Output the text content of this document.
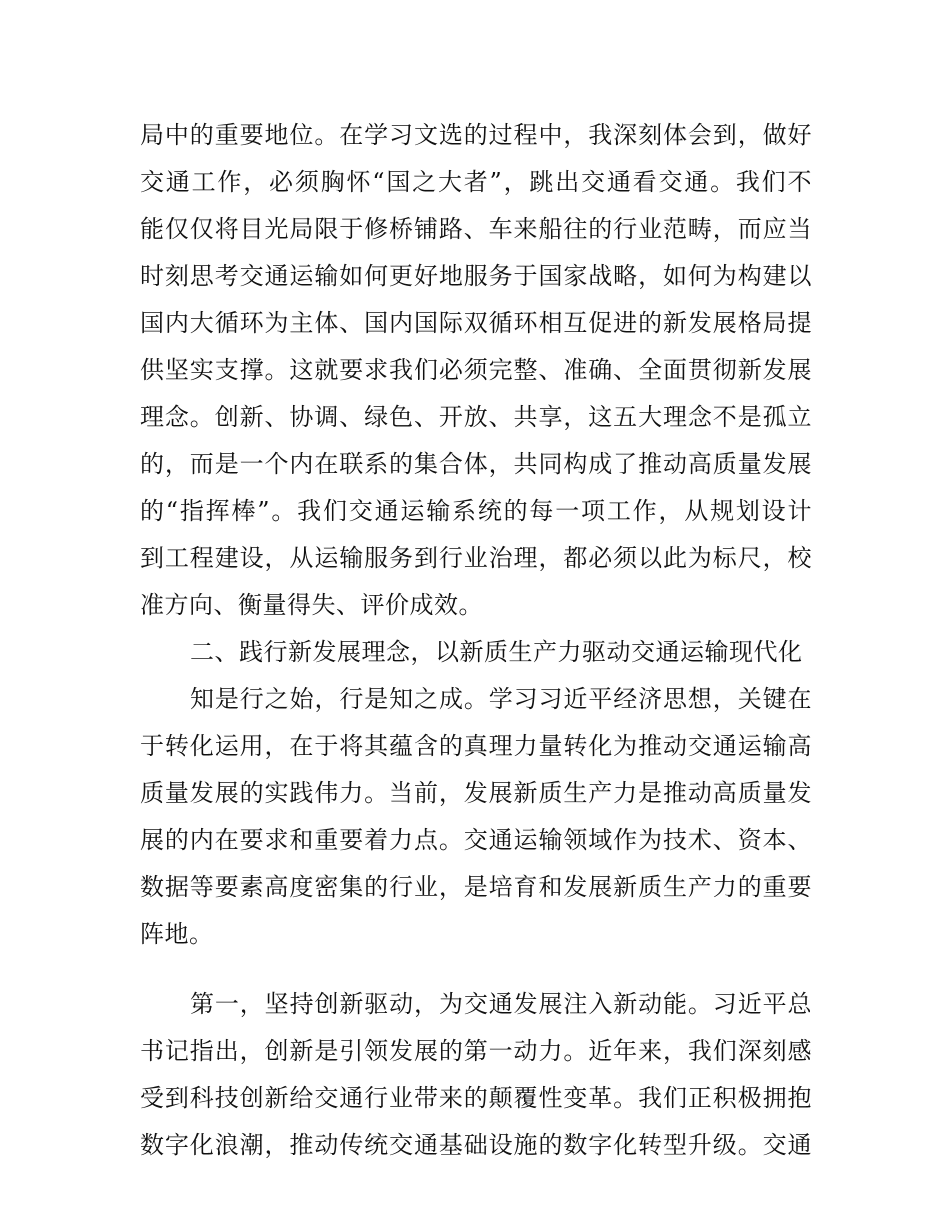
局中的重要地位。在学习文选的过程中，我深刻体会到，做好
交通工作，必须胸怀“国之大者”，跳出交通看交通。我们不
能仅仅将目光局限于修桥铺路、车来船往的行业范畴，而应当
时刻思考交通运输如何更好地服务于国家战略，如何为构建以
国内大循环为主体、国内国际双循环相互促进的新发展格局提
供坚实支撑。这就要求我们必须完整、准确、全面贯彻新发展
理念。创新、协调、绿色、开放、共享，这五大理念不是孤立
的，而是一个内在联系的集合体，共同构成了推动高质量发展
的“指挥棒”。我们交通运输系统的每一项工作，从规划设计
到工程建设，从运输服务到行业治理，都必须以此为标尺，校
准方向、衡量得失、评价成效。
二、践行新发展理念，以新质生产力驱动交通运输现代化
知是行之始，行是知之成。学习习近平经济思想，关键在
于转化运用，在于将其蕴含的真理力量转化为推动交通运输高
质量发展的实践伟力。当前，发展新质生产力是推动高质量发
展的内在要求和重要着力点。交通运输领域作为技术、资本、
数据等要素高度密集的行业，是培育和发展新质生产力的重要
阵地。
第一，坚持创新驱动，为交通发展注入新动能。习近平总
书记指出，创新是引领发展的第一动力。近年来，我们深刻感
受到科技创新给交通行业带来的颠覆性变革。我们正积极拥抱
数字化浪潮，推动传统交通基础设施的数字化转型升级。交通
